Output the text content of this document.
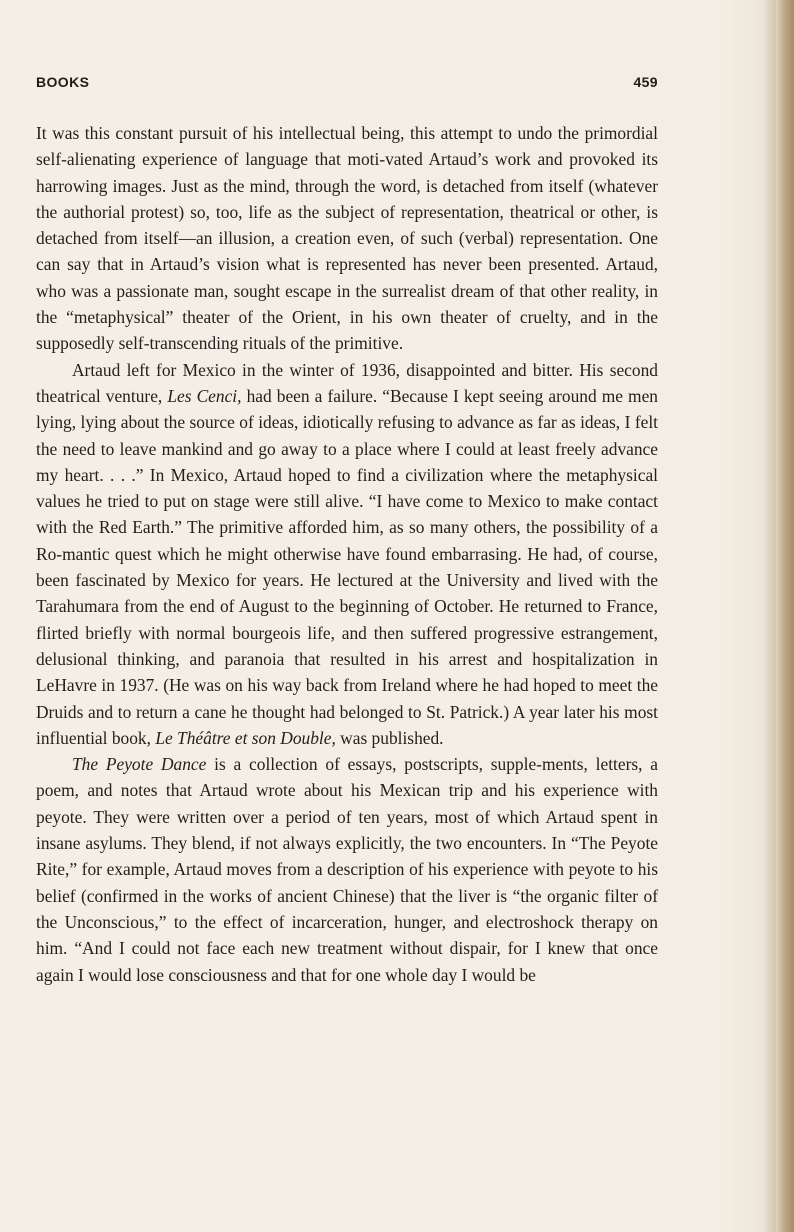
BOOKS	459

It was this constant pursuit of his intellectual being, this attempt to undo the primordial self-alienating experience of language that moti-vated Artaud’s work and provoked its harrowing images. Just as the mind, through the word, is detached from itself (whatever the authorial protest) so, too, life as the subject of representation, theatrical or other, is detached from itself—an illusion, a creation even, of such (verbal) representation. One can say that in Artaud’s vision what is represented has never been presented. Artaud, who was a passionate man, sought escape in the surrealist dream of that other reality, in the “metaphysical” theater of the Orient, in his own theater of cruelty, and in the supposedly self-transcending rituals of the primitive.

Artaud left for Mexico in the winter of 1936, disappointed and bitter. His second theatrical venture, Les Cenci, had been a failure. “Because I kept seeing around me men lying, lying about the source of ideas, idiotically refusing to advance as far as ideas, I felt the need to leave mankind and go away to a place where I could at least freely advance my heart. . . .” In Mexico, Artaud hoped to find a civilization where the metaphysical values he tried to put on stage were still alive. “I have come to Mexico to make contact with the Red Earth.” The primitive afforded him, as so many others, the possibility of a Ro-mantic quest which he might otherwise have found embarrasing. He had, of course, been fascinated by Mexico for years. He lectured at the University and lived with the Tarahumara from the end of August to the beginning of October. He returned to France, flirted briefly with normal bourgeois life, and then suffered progressive estrangement, delusional thinking, and paranoia that resulted in his arrest and hospitalization in LeHavre in 1937. (He was on his way back from Ireland where he had hoped to meet the Druids and to return a cane he thought had belonged to St. Patrick.) A year later his most influential book, Le Théâtre et son Double, was published.

The Peyote Dance is a collection of essays, postscripts, supple-ments, letters, a poem, and notes that Artaud wrote about his Mexican trip and his experience with peyote. They were written over a period of ten years, most of which Artaud spent in insane asylums. They blend, if not always explicitly, the two encounters. In “The Peyote Rite,” for example, Artaud moves from a description of his experience with peyote to his belief (confirmed in the works of ancient Chinese) that the liver is “the organic filter of the Unconscious,” to the effect of incarceration, hunger, and electroshock therapy on him. “And I could not face each new treatment without dispair, for I knew that once again I would lose consciousness and that for one whole day I would be
